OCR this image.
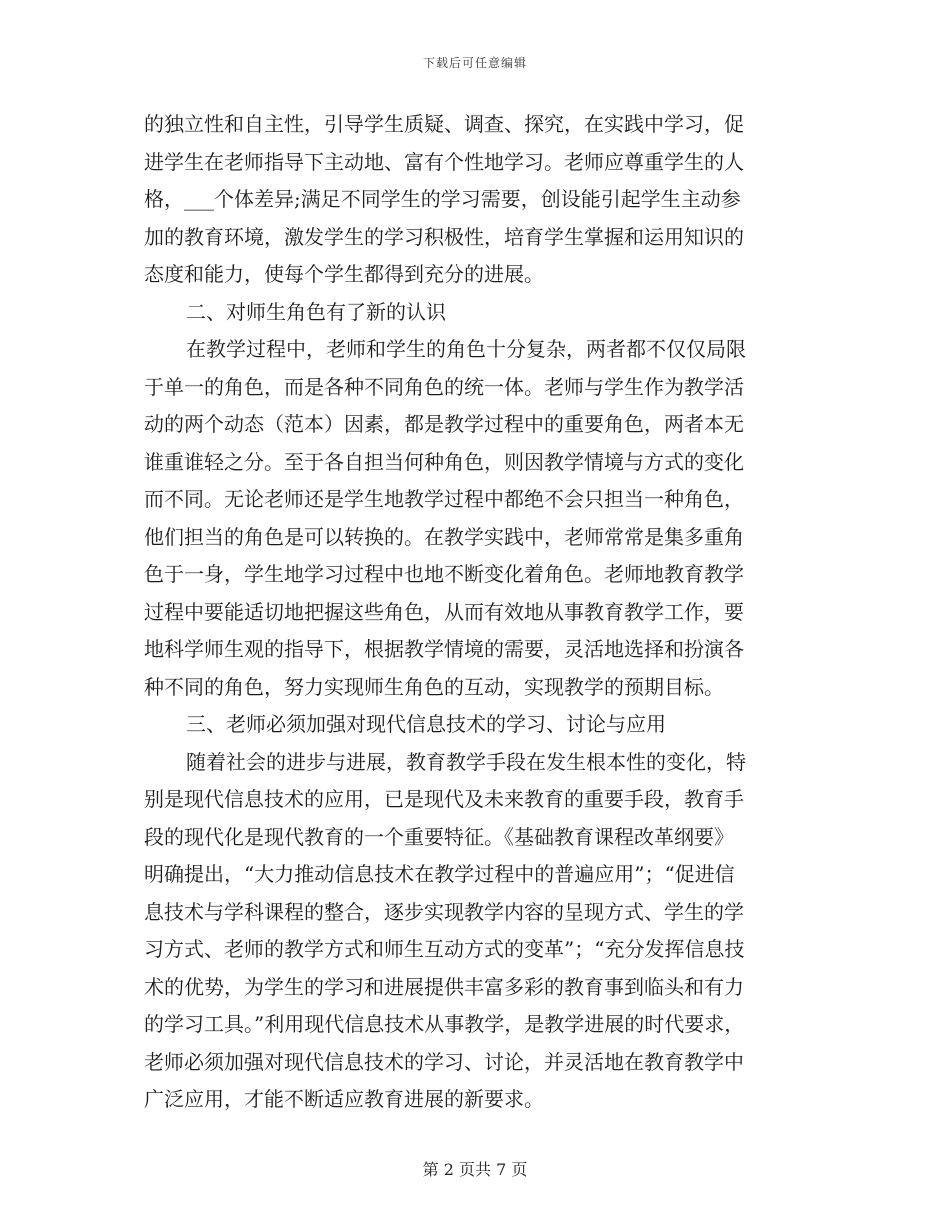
下载后可任意编辑
的独立性和自主性，引导学生质疑、调查、探究，在实践中学习，促
进学生在老师指导下主动地、富有个性地学习。老师应尊重学生的人
格，___个体差异;满足不同学生的学习需要，创设能引起学生主动参
加的教育环境，激发学生的学习积极性，培育学生掌握和运用知识的
态度和能力，使每个学生都得到充分的进展。
二、对师生角色有了新的认识
在教学过程中，老师和学生的角色十分复杂，两者都不仅仅局限
于单一的角色，而是各种不同角色的统一体。老师与学生作为教学活
动的两个动态（范本）因素，都是教学过程中的重要角色，两者本无
谁重谁轻之分。至于各自担当何种角色，则因教学情境与方式的变化
而不同。无论老师还是学生地教学过程中都绝不会只担当一种角色，
他们担当的角色是可以转换的。在教学实践中，老师常常是集多重角
色于一身，学生地学习过程中也地不断变化着角色。老师地教育教学
过程中要能适切地把握这些角色，从而有效地从事教育教学工作，要
地科学师生观的指导下，根据教学情境的需要，灵活地选择和扮演各
种不同的角色，努力实现师生角色的互动，实现教学的预期目标。
三、老师必须加强对现代信息技术的学习、讨论与应用
随着社会的进步与进展，教育教学手段在发生根本性的变化，特
别是现代信息技术的应用，已是现代及未来教育的重要手段，教育手
段的现代化是现代教育的一个重要特征。《基础教育课程改革纲要》
明确提出，“大力推动信息技术在教学过程中的普遍应用”；“促进信
息技术与学科课程的整合，逐步实现教学内容的呈现方式、学生的学
习方式、老师的教学方式和师生互动方式的变革”；“充分发挥信息技
术的优势，为学生的学习和进展提供丰富多彩的教育事到临头和有力
的学习工具。”利用现代信息技术从事教学，是教学进展的时代要求，
老师必须加强对现代信息技术的学习、讨论，并灵活地在教育教学中
广泛应用，才能不断适应教育进展的新要求。
第 2 页共 7 页
